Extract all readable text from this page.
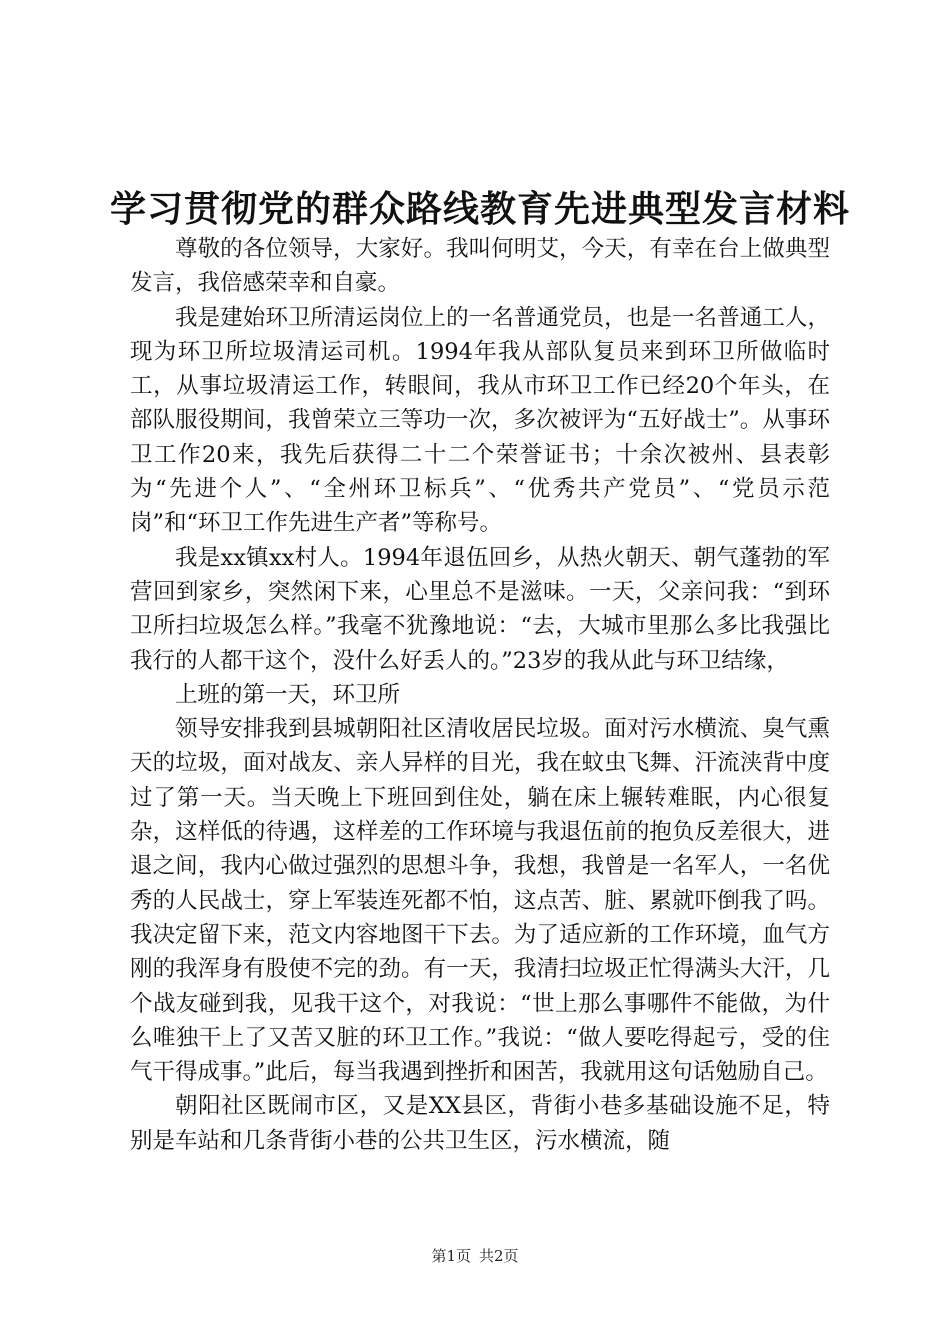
学习贯彻党的群众路线教育先进典型发言材料

尊敬的各位领导，大家好。我叫何明艾，今天，有幸在台上做典型发言，我倍感荣幸和自豪。

我是建始环卫所清运岗位上的一名普通党员，也是一名普通工人，现为环卫所垃圾清运司机。1994年我从部队复员来到环卫所做临时工，从事垃圾清运工作，转眼间，我从市环卫工作已经20个年头，在部队服役期间，我曾荣立三等功一次，多次被评为“五好战士”。从事环卫工作20来，我先后获得二十二个荣誉证书；十余次被州、县表彰为“先进个人”、“全州环卫标兵”、“优秀共产党员”、“党员示范岗”和“环卫工作先进生产者”等称号。

我是xx镇xx村人。1994年退伍回乡，从热火朝天、朝气蓬勃的军营回到家乡，突然闲下来，心里总不是滋味。一天，父亲问我：“到环卫所扫垃圾怎么样。”我毫不犹豫地说：“去，大城市里那么多比我强比我行的人都干这个，没什么好丢人的。”23岁的我从此与环卫结缘，

上班的第一天，环卫所

领导安排我到县城朝阳社区清收居民垃圾。面对污水横流、臭气熏天的垃圾，面对战友、亲人异样的目光，我在蚊虫飞舞、汗流浃背中度过了第一天。当天晚上下班回到住处，躺在床上辗转难眠，内心很复杂，这样低的待遇，这样差的工作环境与我退伍前的抱负反差很大，进退之间，我内心做过强烈的思想斗争，我想，我曾是一名军人，一名优秀的人民战士，穿上军装连死都不怕，这点苦、脏、累就吓倒我了吗。我决定留下来，范文内容地图干下去。为了适应新的工作环境，血气方刚的我浑身有股使不完的劲。有一天，我清扫垃圾正忙得满头大汗，几个战友碰到我，见我干这个，对我说：“世上那么事哪件不能做，为什么唯独干上了又苦又脏的环卫工作。”我说：“做人要吃得起亏，受的住气干得成事。”此后，每当我遇到挫折和困苦，我就用这句话勉励自己。

朝阳社区既闹市区，又是XX县区，背街小巷多基础设施不足，特别是车站和几条背街小巷的公共卫生区，污水横流，随

第1页 共2页
